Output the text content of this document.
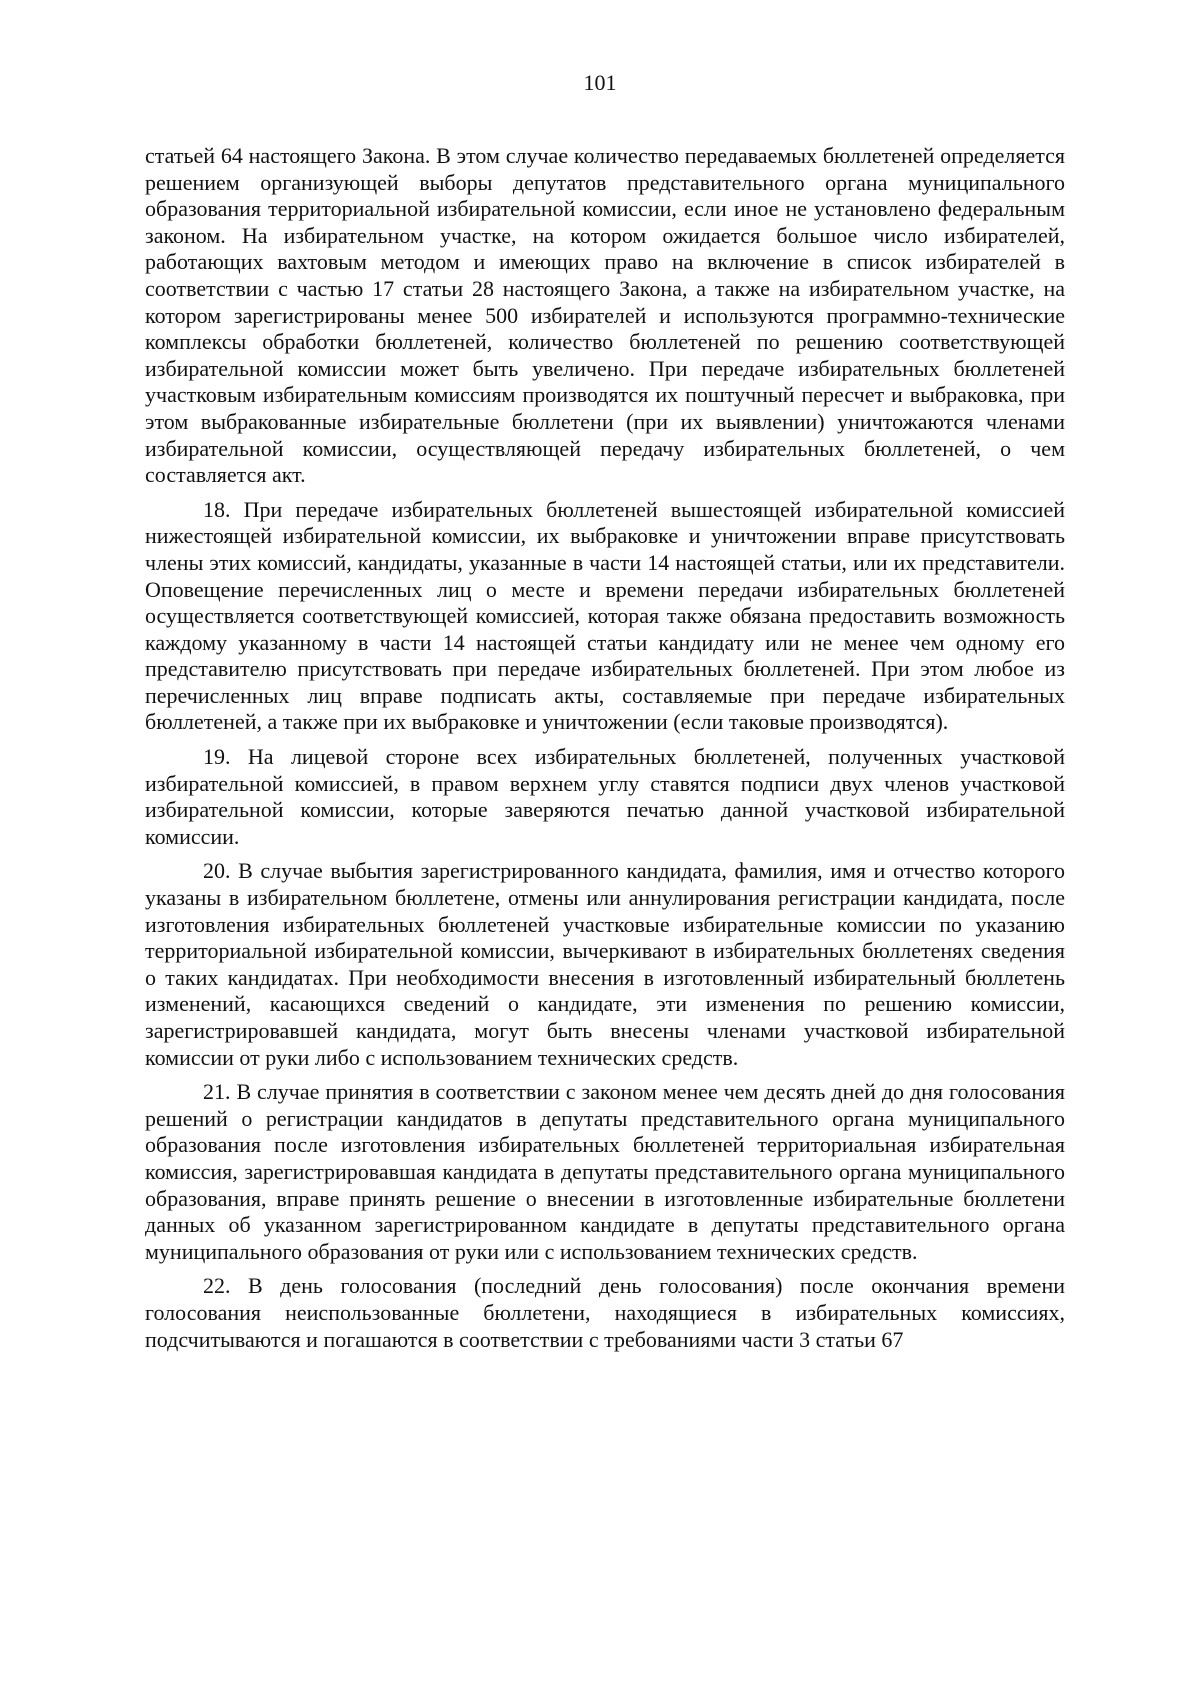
101

статьей 64 настоящего Закона. В этом случае количество передаваемых бюллетеней определяется решением организующей выборы депутатов представительного органа муниципального образования территориальной избирательной комиссии, если иное не установлено федеральным законом. На избирательном участке, на котором ожидается большое число избирателей, работающих вахтовым методом и имеющих право на включение в список избирателей в соответствии с частью 17 статьи 28 настоящего Закона, а также на избирательном участке, на котором зарегистрированы менее 500 избирателей и используются программно-технические комплексы обработки бюллетеней, количество бюллетеней по решению соответствующей избирательной комиссии может быть увеличено. При передаче избирательных бюллетеней участковым избирательным комиссиям производятся их поштучный пересчет и выбраковка, при этом выбракованные избирательные бюллетени (при их выявлении) уничтожаются членами избирательной комиссии, осуществляющей передачу избирательных бюллетеней, о чем составляется акт.

18. При передаче избирательных бюллетеней вышестоящей избирательной комиссией нижестоящей избирательной комиссии, их выбраковке и уничтожении вправе присутствовать члены этих комиссий, кандидаты, указанные в части 14 настоящей статьи, или их представители. Оповещение перечисленных лиц о месте и времени передачи избирательных бюллетеней осуществляется соответствующей комиссией, которая также обязана предоставить возможность каждому указанному в части 14 настоящей статьи кандидату или не менее чем одному его представителю присутствовать при передаче избирательных бюллетеней. При этом любое из перечисленных лиц вправе подписать акты, составляемые при передаче избирательных бюллетеней, а также при их выбраковке и уничтожении (если таковые производятся).

19. На лицевой стороне всех избирательных бюллетеней, полученных участковой избирательной комиссией, в правом верхнем углу ставятся подписи двух членов участковой избирательной комиссии, которые заверяются печатью данной участковой избирательной комиссии.

20. В случае выбытия зарегистрированного кандидата, фамилия, имя и отчество которого указаны в избирательном бюллетене, отмены или аннулирования регистрации кандидата, после изготовления избирательных бюллетеней участковые избирательные комиссии по указанию территориальной избирательной комиссии, вычеркивают в избирательных бюллетенях сведения о таких кандидатах. При необходимости внесения в изготовленный избирательный бюллетень изменений, касающихся сведений о кандидате, эти изменения по решению комиссии, зарегистрировавшей кандидата, могут быть внесены членами участковой избирательной комиссии от руки либо с использованием технических средств.

21. В случае принятия в соответствии с законом менее чем десять дней до дня голосования решений о регистрации кандидатов в депутаты представительного органа муниципального образования после изготовления избирательных бюллетеней территориальная избирательная комиссия, зарегистрировавшая кандидата в депутаты представительного органа муниципального образования, вправе принять решение о внесении в изготовленные избирательные бюллетени данных об указанном зарегистрированном кандидате в депутаты представительного органа муниципального образования от руки или с использованием технических средств.

22. В день голосования (последний день голосования) после окончания времени голосования неиспользованные бюллетени, находящиеся в избирательных комиссиях, подсчитываются и погашаются в соответствии с требованиями части 3 статьи 67
